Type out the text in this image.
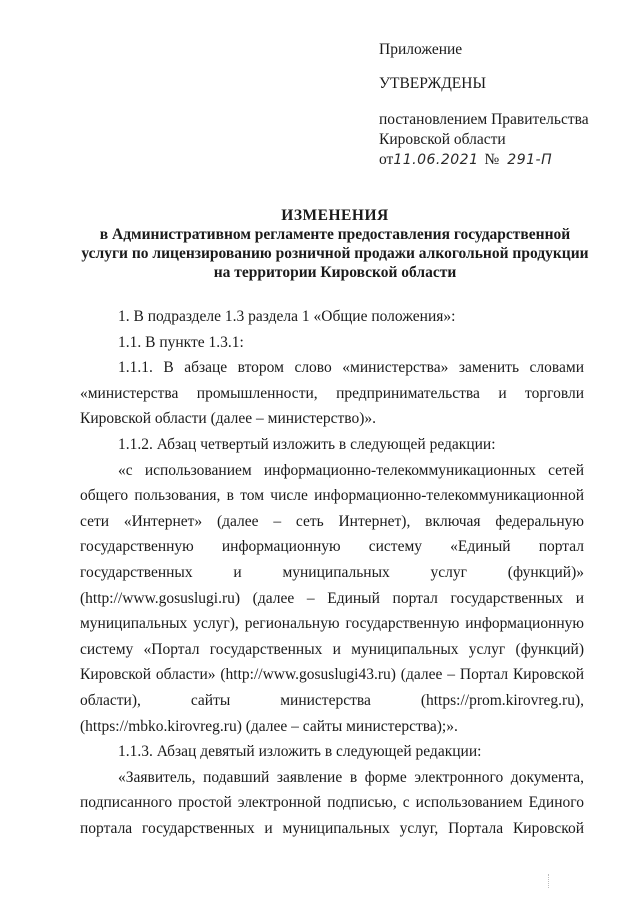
Приложение
УТВЕРЖДЕНЫ
постановлением Правительства
Кировской области
от11.06.2021 № 291-П
ИЗМЕНЕНИЯ
в Административном регламенте предоставления государственной
услуги по лицензированию розничной продажи алкогольной продукции
на территории Кировской области
1. В подразделе 1.3 раздела 1 «Общие положения»:
1.1. В пункте 1.3.1:
1.1.1. В абзаце втором слово «министерства» заменить словами «министерства промышленности, предпринимательства и торговли Кировской области (далее – министерство)».
1.1.2. Абзац четвертый изложить в следующей редакции:
«с использованием информационно-телекоммуникационных сетей общего пользования, в том числе информационно-телекоммуникационной сети «Интернет» (далее – сеть Интернет), включая федеральную государственную информационную систему «Единый портал государственных и муниципальных услуг (функций)» (http://www.gosuslugi.ru) (далее – Единый портал государственных и муниципальных услуг), региональную государственную информационную систему «Портал государственных и муниципальных услуг (функций) Кировской области» (http://www.gosuslugi43.ru) (далее – Портал Кировской области), сайты министерства (https://prom.kirovreg.ru), (https://mbko.kirovreg.ru) (далее – сайты министерства);».
1.1.3. Абзац девятый изложить в следующей редакции:
«Заявитель, подавший заявление в форме электронного документа, подписанного простой электронной подписью, с использованием Единого портала государственных и муниципальных услуг, Портала Кировской
